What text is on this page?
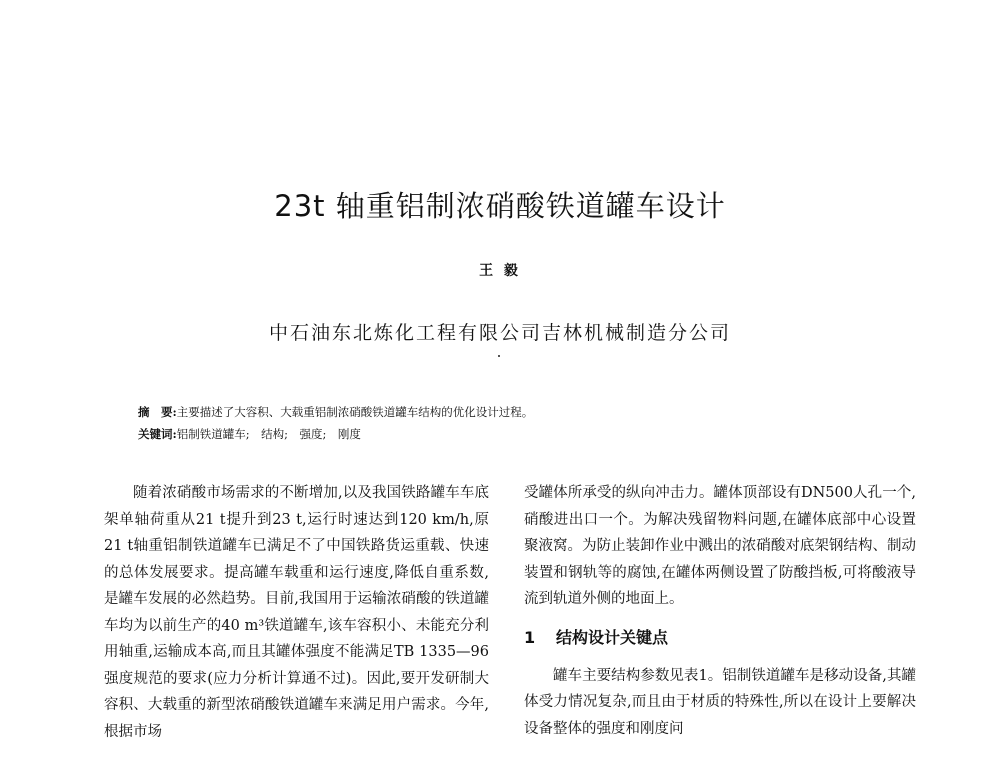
23t 轴重铝制浓硝酸铁道罐车设计
王 毅
中石油东北炼化工程有限公司吉林机械制造分公司
摘　要:主要描述了大容积、大载重铝制浓硝酸铁道罐车结构的优化设计过程。
关键词:铝制铁道罐车;　结构;　强度;　刚度

随着浓硝酸市场需求的不断增加,以及我国铁路罐车车底架单轴荷重从21 t提升到23 t,运行时速达到120 km/h,原21 t轴重铝制铁道罐车已满足不了中国铁路货运重载、快速的总体发展要求。提高罐车载重和运行速度,降低自重系数,是罐车发展的必然趋势。目前,我国用于运输浓硝酸的铁道罐车均为以前生产的40 m³铁道罐车,该车容积小、未能充分利用轴重,运输成本高,而且其罐体强度不能满足TB 1335—96强度规范的要求(应力分析计算通不过)。因此,要开发研制大容积、大载重的新型浓硝酸铁道罐车来满足用户需求。今年,根据市场

受罐体所承受的纵向冲击力。罐体顶部设有DN500人孔一个,硝酸进出口一个。为解决残留物料问题,在罐体底部中心设置聚液窝。为防止装卸作业中溅出的浓硝酸对底架钢结构、制动装置和钢轨等的腐蚀,在罐体两侧设置了防酸挡板,可将酸液导流到轨道外侧的地面上。

1 结构设计关键点

罐车主要结构参数见表1。铝制铁道罐车是移动设备,其罐体受力情况复杂,而且由于材质的特殊性,所以在设计上要解决设备整体的强度和刚度问
